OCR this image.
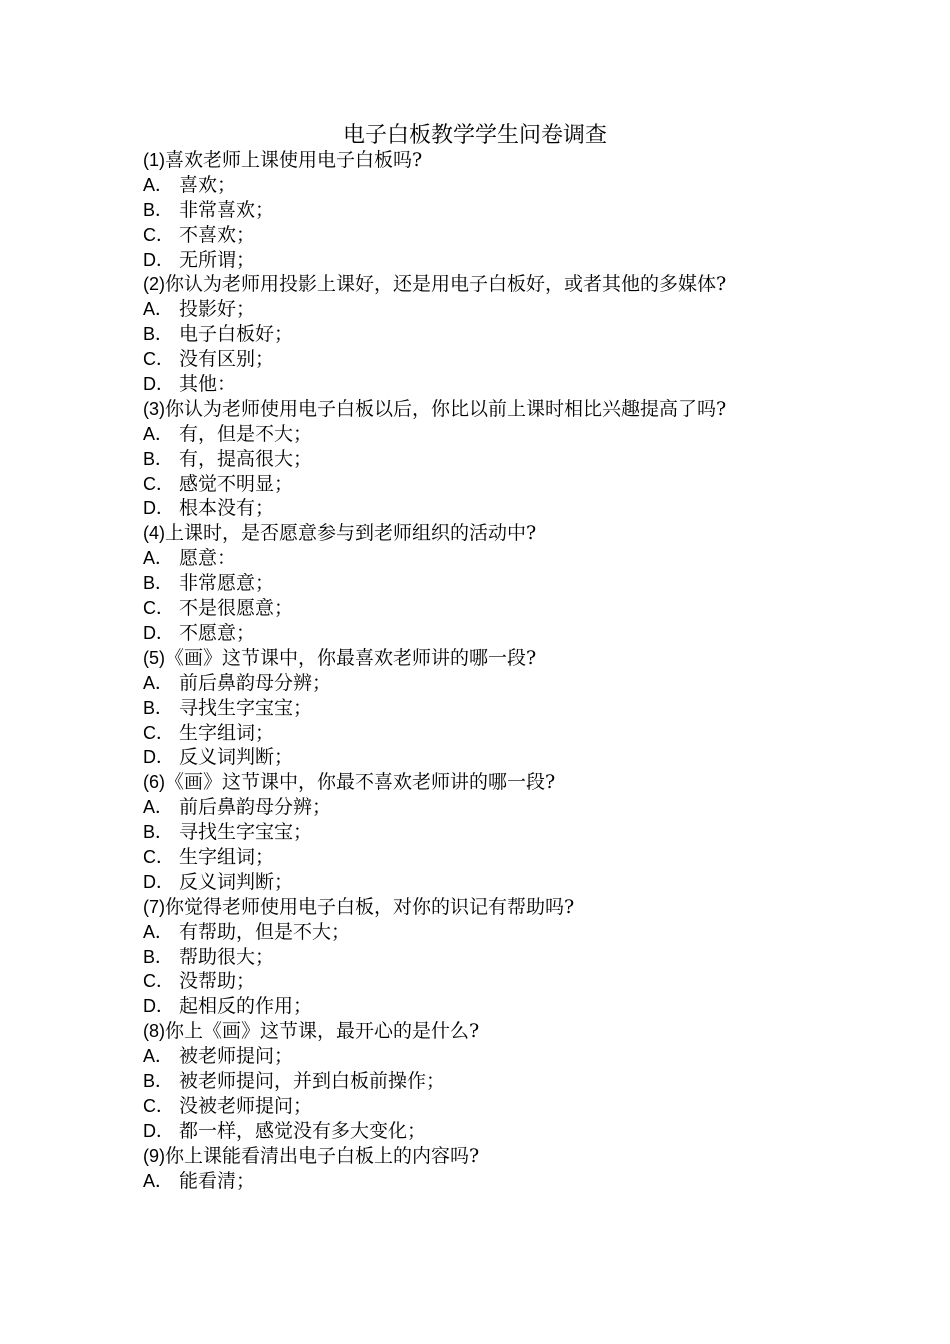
电子白板教学学生问卷调查
(1)喜欢老师上课使用电子白板吗?
A． 喜欢；
B． 非常喜欢；
C． 不喜欢；
D． 无所谓；
(2)你认为老师用投影上课好，还是用电子白板好，或者其他的多媒体?
A． 投影好；
B． 电子白板好；
C． 没有区别；
D． 其他：
(3)你认为老师使用电子白板以后，你比以前上课时相比兴趣提高了吗?
A． 有，但是不大；
B． 有，提高很大；
C． 感觉不明显；
D． 根本没有；
(4)上课时，是否愿意参与到老师组织的活动中?
A． 愿意：
B． 非常愿意；
C． 不是很愿意；
D． 不愿意；
(5)《画》这节课中，你最喜欢老师讲的哪一段?
A． 前后鼻韵母分辨；
B． 寻找生字宝宝；
C． 生字组词；
D． 反义词判断；
(6)《画》这节课中，你最不喜欢老师讲的哪一段?
A． 前后鼻韵母分辨；
B． 寻找生字宝宝；
C． 生字组词；
D． 反义词判断；
(7)你觉得老师使用电子白板，对你的识记有帮助吗?
A． 有帮助，但是不大；
B． 帮助很大；
C． 没帮助；
D． 起相反的作用；
(8)你上《画》这节课，最开心的是什么?
A． 被老师提问；
B． 被老师提问，并到白板前操作；
C． 没被老师提问；
D． 都一样，感觉没有多大变化；
(9)你上课能看清出电子白板上的内容吗?
A． 能看清；
